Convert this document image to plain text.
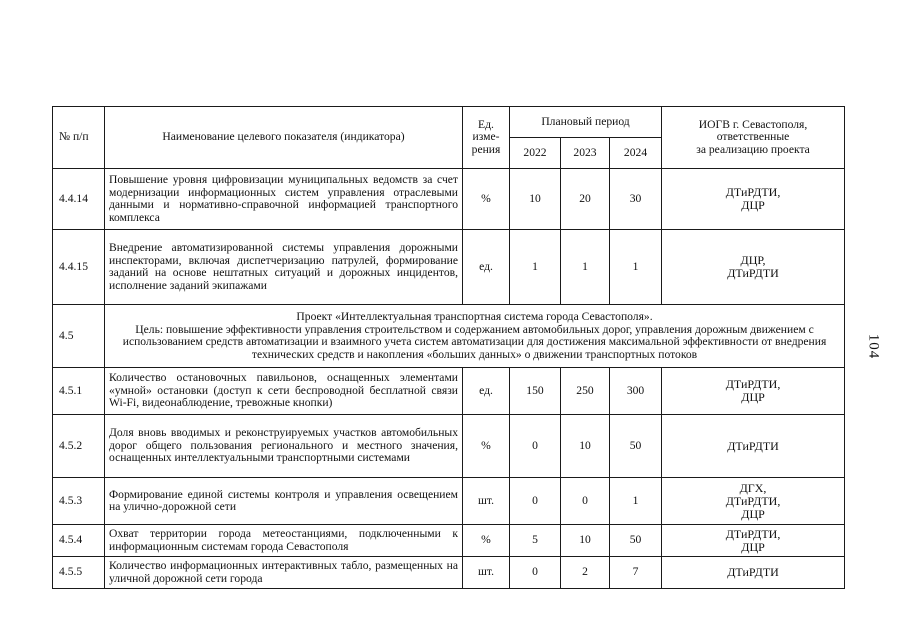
104
№ п/п	Наименование целевого показателя (индикатора)	Ед.
изме-
рения	Плановый период			ИОГВ г. Севастополя,
ответственные
за реализацию проекта
			2022	2023	2024	
4.4.14	Повышение уровня цифровизации муниципальных ведомств за счет модернизации информационных систем управления отраслевыми данными и нормативно-справочной информацией транспортного комплекса	%	10	20	30	ДТиРДТИ,
ДЦР
4.4.15	Внедрение автоматизированной системы управления дорожными инспекторами, включая диспетчеризацию патрулей, формирование заданий на основе нештатных ситуаций и дорожных инцидентов, исполнение заданий экипажами	ед.	1	1	1	ДЦР,
ДТиРДТИ
4.5	Проект «Интеллектуальная транспортная система города Севастополя».
Цель: повышение эффективности управления строительством и содержанием автомобильных дорог, управления дорожным движением с использованием средств автоматизации и взаимного учета систем автоматизации для достижения максимальной эффективности от внедрения технических средств и накопления «больших данных» о движении транспортных потоков					
4.5.1	Количество остановочных павильонов, оснащенных элементами «умной» остановки (доступ к сети беспроводной бесплатной связи Wi-Fi, видеонаблюдение, тревожные кнопки)	ед.	150	250	300	ДТиРДТИ,
ДЦР
4.5.2	Доля вновь вводимых и реконструируемых участков автомобильных дорог общего пользования регионального и местного значения, оснащенных интеллектуальными транспортными системами	%	0	10	50	ДТиРДТИ
4.5.3	Формирование единой системы контроля и управления освещением на улично-дорожной сети	шт.	0	0	1	ДГХ,
ДТиРДТИ,
ДЦР
4.5.4	Охват территории города метеостанциями, подключенными к информационным системам города Севастополя	%	5	10	50	ДТиРДТИ,
ДЦР
4.5.5	Количество информационных интерактивных табло, размещенных на уличной дорожной сети города	шт.	0	2	7	ДТиРДТИ
